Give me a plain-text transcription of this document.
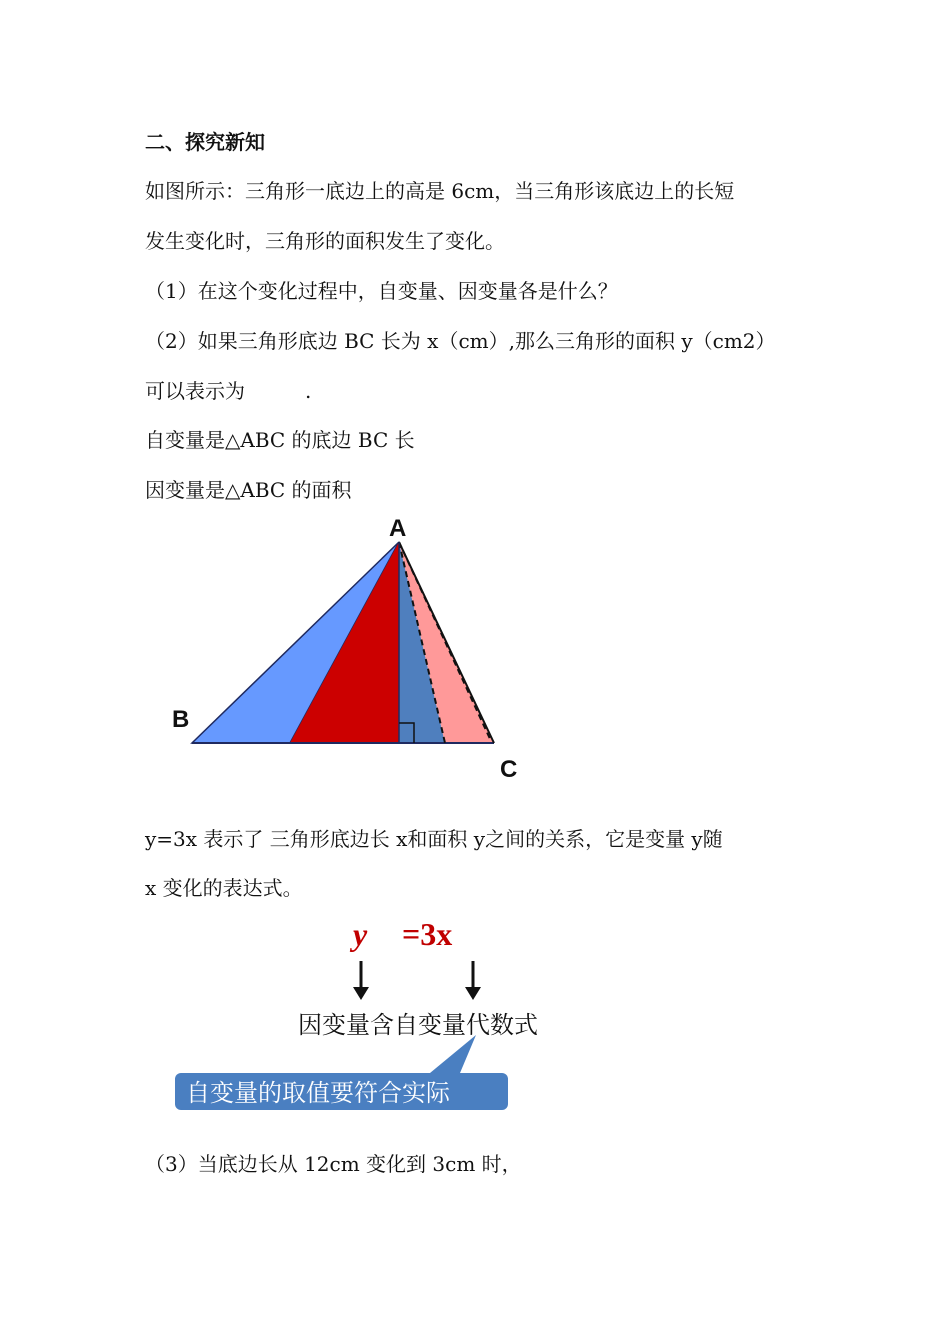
二、探究新知
如图所示：三角形一底边上的高是 6cm，当三角形该底边上的长短
发生变化时，三角形的面积发生了变化。
（1）在这个变化过程中，自变量、因变量各是什么？
（2）如果三角形底边 BC 长为 x（cm）,那么三角形的面积 y（cm2）
可以表示为　　　.
自变量是△ABC 的底边 BC 长
因变量是△ABC 的面积
A
B
C
y=3x 表示了 三角形底边长 x和面积 y之间的关系，它是变量 y随
x 变化的表达式。
y =3x
因变量含自变量代数式
自变量的取值要符合实际
（3）当底边长从 12cm 变化到 3cm 时，
